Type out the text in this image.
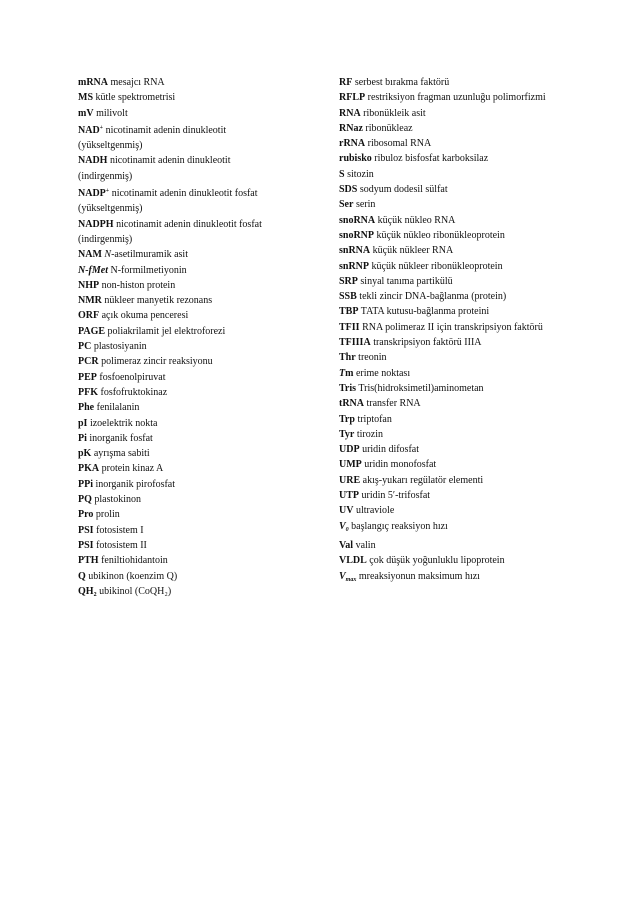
mRNA mesajcı RNA
MS kütle spektrometrisi
mV milivolt
NAD+ nicotinamit adenin dinukleotit
(yükseltgenmiş)
NADH nicotinamit adenin dinukleotit
(indirgenmiş)
NADP+ nicotinamit adenin dinukleotit fosfat
(yükseltgenmiş)
NADPH nicotinamit adenin dinukleotit fosfat
(indirgenmiş)
NAM N-asetilmuramik asit
N-fMet N-formilmetiyonin
NHP non-histon protein
NMR nükleer manyetik rezonans
ORF açık okuma penceresi
PAGE poliakrilamit jel elektroforezi
PC plastosiyanin
PCR polimeraz zincir reaksiyonu
PEP fosfoenolpiruvat
PFK fosfofruktokinaz
Phe fenilalanin
pI izoelektrik nokta
Pi inorganik fosfat
pK ayrışma sabiti
PKA protein kinaz A
PPi inorganik pirofosfat
PQ plastokinon
Pro prolin
PSI fotosistem I
PSI fotosistem II
PTH feniltiohidantoin
Q ubikinon (koenzim Q)
$QH_2$ ubikinol (CoQH₂)
RF serbest bırakma faktörü
RFLP restriksiyon fragman uzunluğu polimorfizmi
RNA ribonükleik asit
RNaz ribonükleaz
rRNA ribosomal RNA
rubisko ribuloz bisfosfat karboksilaz
S sitozin
SDS sodyum dodesil sülfat
Ser serin
snoRNA küçük nükleo RNA
snoRNP küçük nükleo ribonükleoprotein
snRNA küçük nükleer RNA
snRNP küçük nükleer ribonükleoprotein
SRP sinyal tanıma partikülü
SSB tekli zincir DNA-bağlanma (protein)
TBP TATA kutusu-bağlanma proteini
TFII RNA polimeraz II için transkripsiyon faktörü
TFIIIA transkripsiyon faktörü IIIA
Thr treonin
Tm erime noktası
Tris Tris(hidroksimetil)aminometan
tRNA transfer RNA
Trp triptofan
Tyr tirozin
UDP uridin difosfat
UMP uridin monofosfat
URE akış-yukarı regülatör elementi
UTP uridin 5′-trifosfat
UV ultraviole
$V_0$ başlangıç reaksiyon hızı
Val valin
VLDL çok düşük yoğunluklu lipoprotein
$V_{max}$ mreaksiyonun maksimum hızı
